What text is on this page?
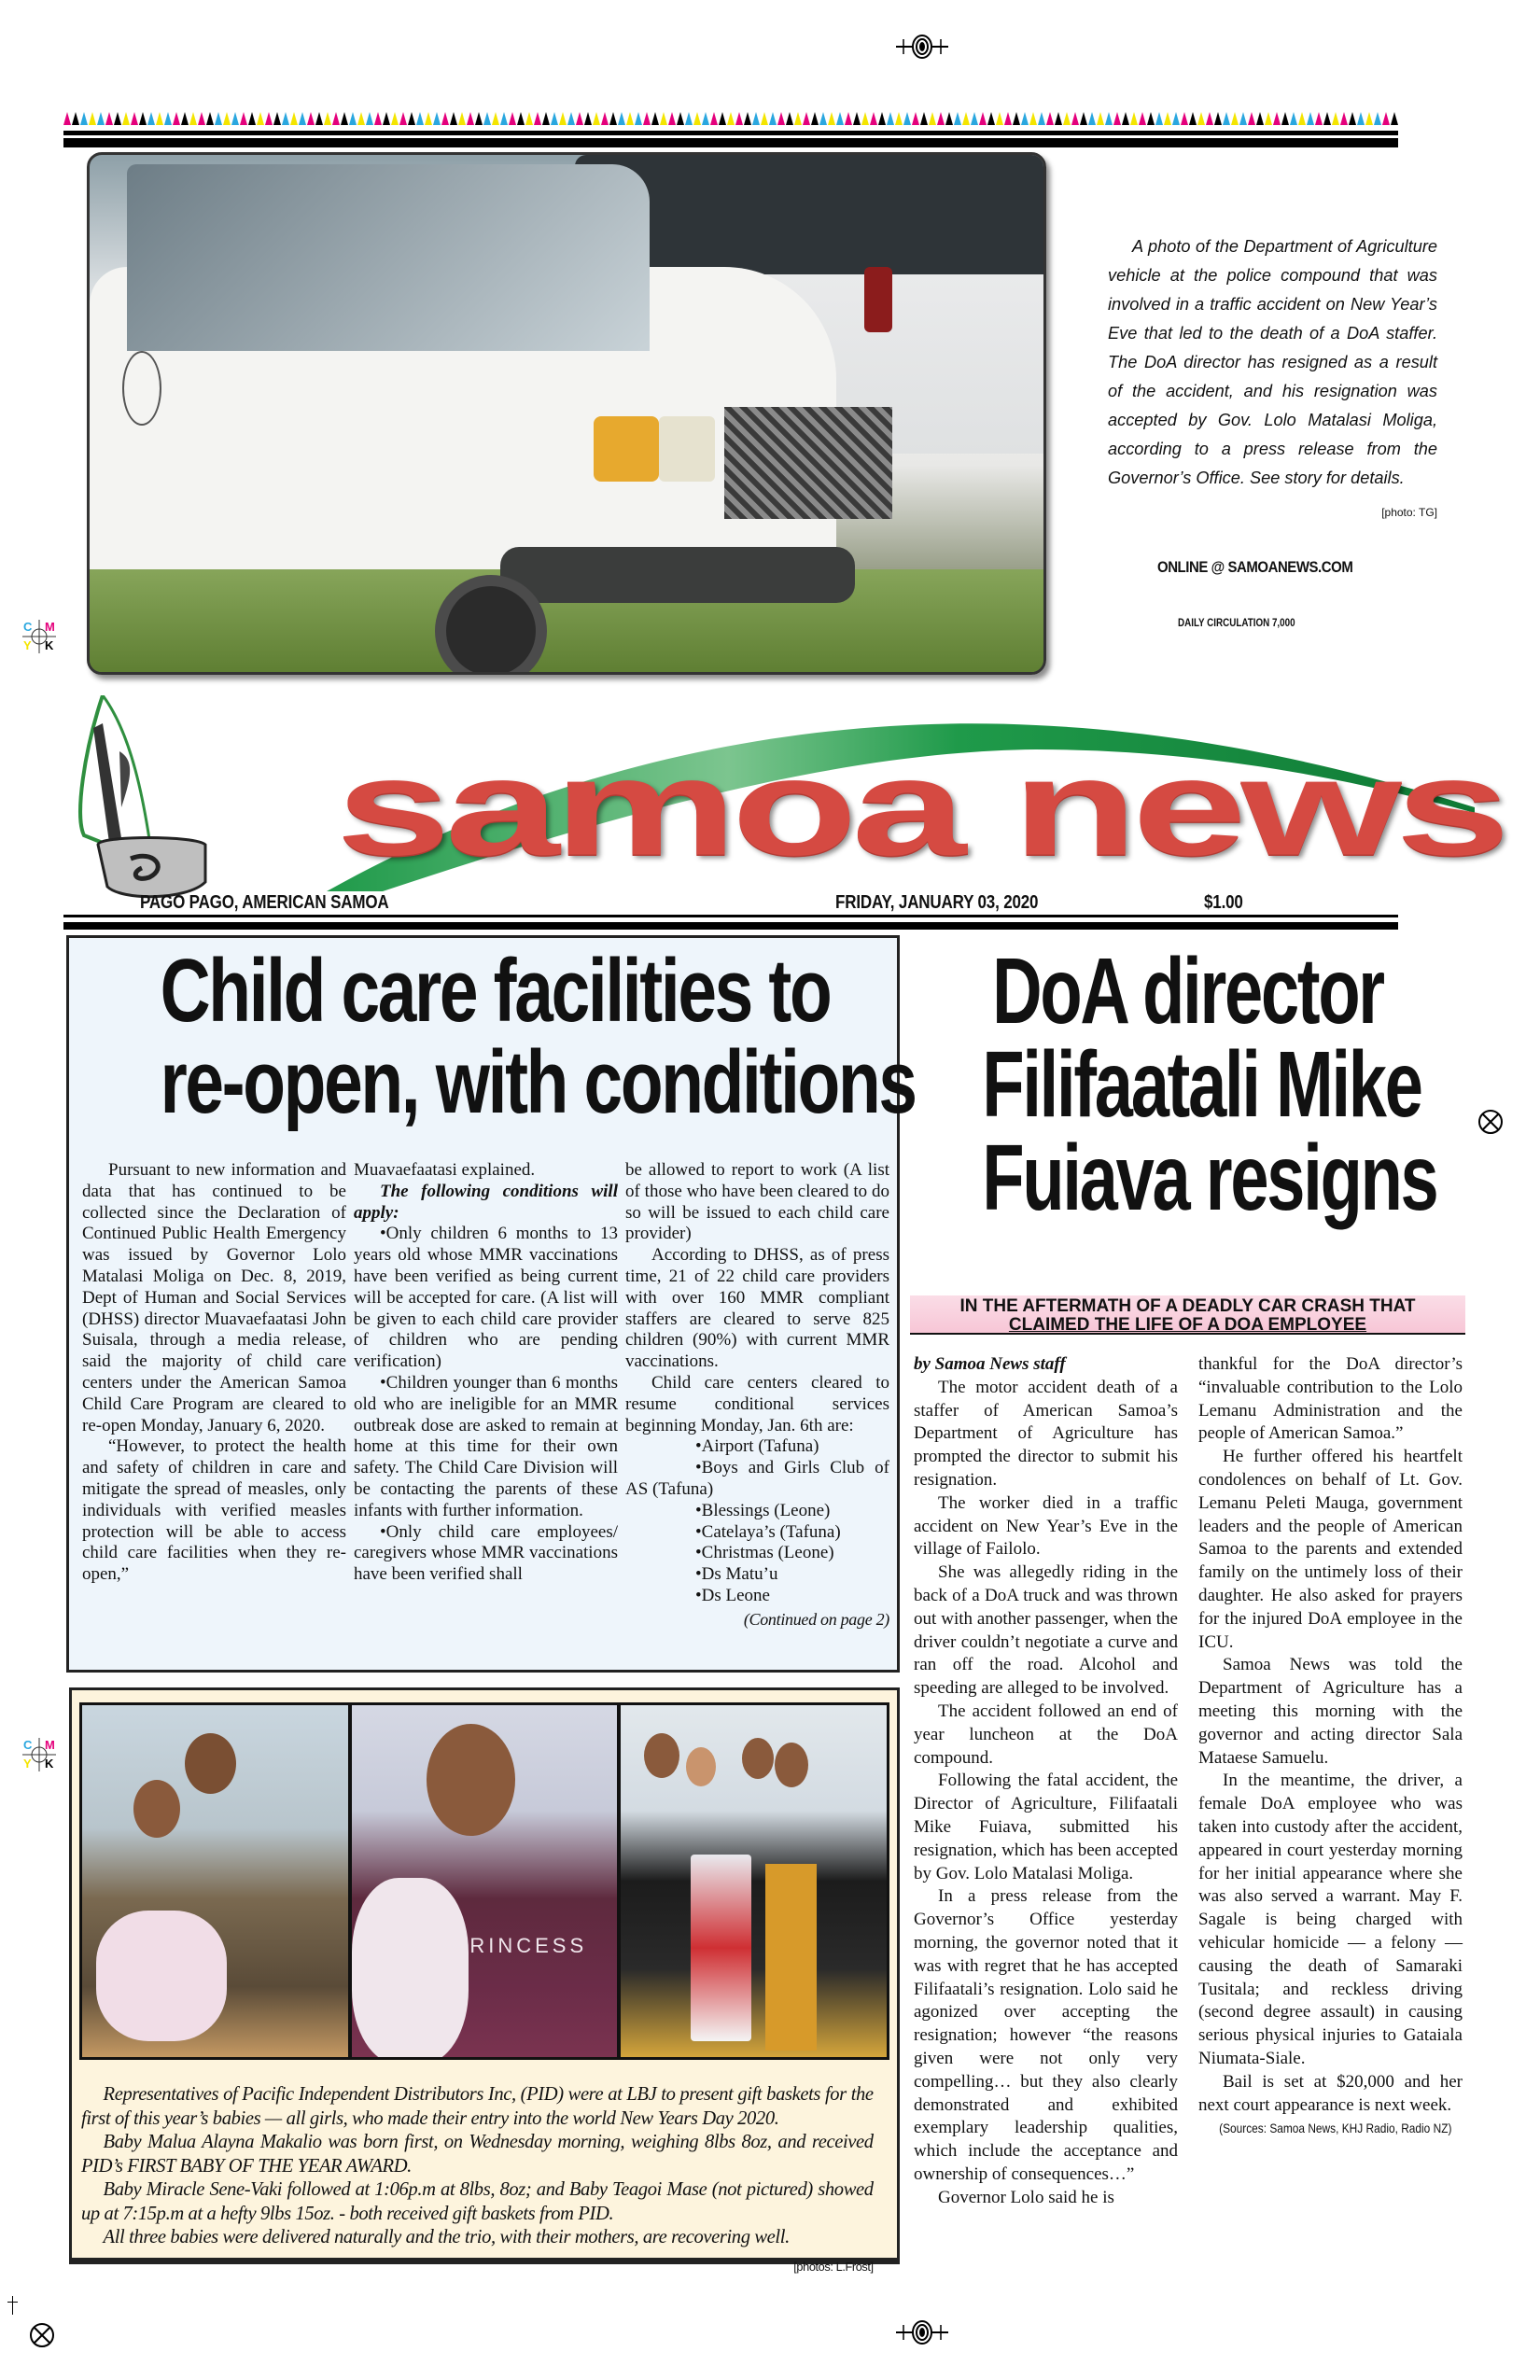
C M
Y K
C M
Y K

A photo of the Department of Agriculture vehicle at the police compound that was involved in a traffic accident on New Year’s Eve that led to the death of a DoA staffer. The DoA director has resigned as a result of the accident, and his resignation was accepted by Gov. Lolo Matalasi Moliga, according to a press release from the Governor’s Office. See story for details.
[photo: TG]

ONLINE @ SAMOANEWS.COM
DAILY CIRCULATION 7,000
samoa news
PAGO PAGO, AMERICAN SAMOA	FRIDAY, JANUARY 03, 2020	$1.00
Child care facilities to
re-open, with conditions

Pursuant to new information and data that has continued to be collected since the Declaration of Continued Public Health Emergency was issued by Governor Lolo Matalasi Moliga on Dec. 8, 2019, Dept of Human and Social Services (DHSS) director Muavaefaatasi John Suisala, through a media release, said the majority of child care centers under the American Samoa Child Care Program are cleared to re-open Monday, January 6, 2020.

“However, to protect the health and safety of children in care and mitigate the spread of measles, only individuals with verified measles protection will be able to access child care facilities when they re-open,”

Muavaefaatasi explained.

The following conditions will apply:

•Only children 6 months to 13 years old whose MMR vaccinations have been verified as being current will be accepted for care. (A list will be given to each child care provider of children who are pending verification)

•Children younger than 6 months old who are ineligible for an MMR outbreak dose are asked to remain at home at this time for their own safety. The Child Care Division will be contacting the parents of these infants with further information.

•Only child care employees/ caregivers whose MMR vaccinations have been verified shall

be allowed to report to work (A list of those who have been cleared to do so will be issued to each child care provider)

According to DHSS, as of press time, 21 of 22 child care providers with over 160 MMR compliant staffers are cleared to serve 825 children (90%) with current MMR vaccinations.

Child care centers cleared to resume conditional services beginning Monday, Jan. 6th are:

•Airport (Tafuna)

•Boys and Girls Club of AS (Tafuna)

•Blessings (Leone)

•Catelaya’s (Tafuna)

•Christmas (Leone)

•Ds Matu’u

•Ds Leone

(Continued on page 2)
PRINCESS

Representatives of Pacific Independent Distributors Inc, (PID) were at LBJ to present gift baskets for the first of this year’s babies — all girls, who made their entry into the world New Years Day 2020.

Baby Malua Alayna Makalio was born first, on Wednesday morning, weighing 8lbs 8oz, and received PID’s FIRST BABY OF THE YEAR AWARD.

Baby Miracle Sene-Vaki followed at 1:06p.m at 8lbs, 8oz; and Baby Teagoi Mase (not pictured) showed up at 7:15p.m at a hefty 9lbs 15oz. - both received gift baskets from PID.

All three babies were delivered naturally and the trio, with their mothers, are recovering well.
[photos: L.Frost]

DoA director
Filifaatali Mike
Fuiava resigns
IN THE AFTERMATH OF A DEADLY CAR CRASH THAT
CLAIMED THE LIFE OF A DOA EMPLOYEE

by Samoa News staff

The motor accident death of a staffer of American Samoa’s Department of Agriculture has prompted the director to submit his resignation.

The worker died in a traffic accident on New Year’s Eve in the village of Failolo.

She was allegedly riding in the back of a DoA truck and was thrown out with another passenger, when the driver couldn’t negotiate a curve and ran off the road. Alcohol and speeding are alleged to be involved.

The accident followed an end of year luncheon at the DoA compound.

Following the fatal accident, the Director of Agriculture, Filifaatali Mike Fuiava, submitted his resignation, which has been accepted by Gov. Lolo Matalasi Moliga.

In a press release from the Governor’s Office yesterday morning, the governor noted that it was with regret that he has accepted Filifaatali’s resignation. Lolo said he agonized over accepting the resignation; however “the reasons given were not only very compelling… but they also clearly demonstrated and exhibited exemplary leadership qualities, which include the acceptance and ownership of consequences…”

Governor Lolo said he is

thankful for the DoA director’s “invaluable contribution to the Lolo Lemanu Administration and the people of American Samoa.”

He further offered his heartfelt condolences on behalf of Lt. Gov. Lemanu Peleti Mauga, government leaders and the people of American Samoa to the parents and extended family on the untimely loss of their daughter. He also asked for prayers for the injured DoA employee in the ICU.

Samoa News was told the Department of Agriculture has a meeting this morning with the governor and acting director Sala Mataese Samuelu.

In the meantime, the driver, a female DoA employee who was taken into custody after the accident, appeared in court yesterday morning for her initial appearance where she was also served a warrant. May F. Sagale is being charged with vehicular homicide — a felony — causing the death of Samaraki Tusitala; and reckless driving (second degree assault) in causing serious physical injuries to Gataiala Niumata-Siale.

Bail is set at $20,000 and her next court appearance is next week.

(Sources: Samoa News, KHJ Radio, Radio NZ)
